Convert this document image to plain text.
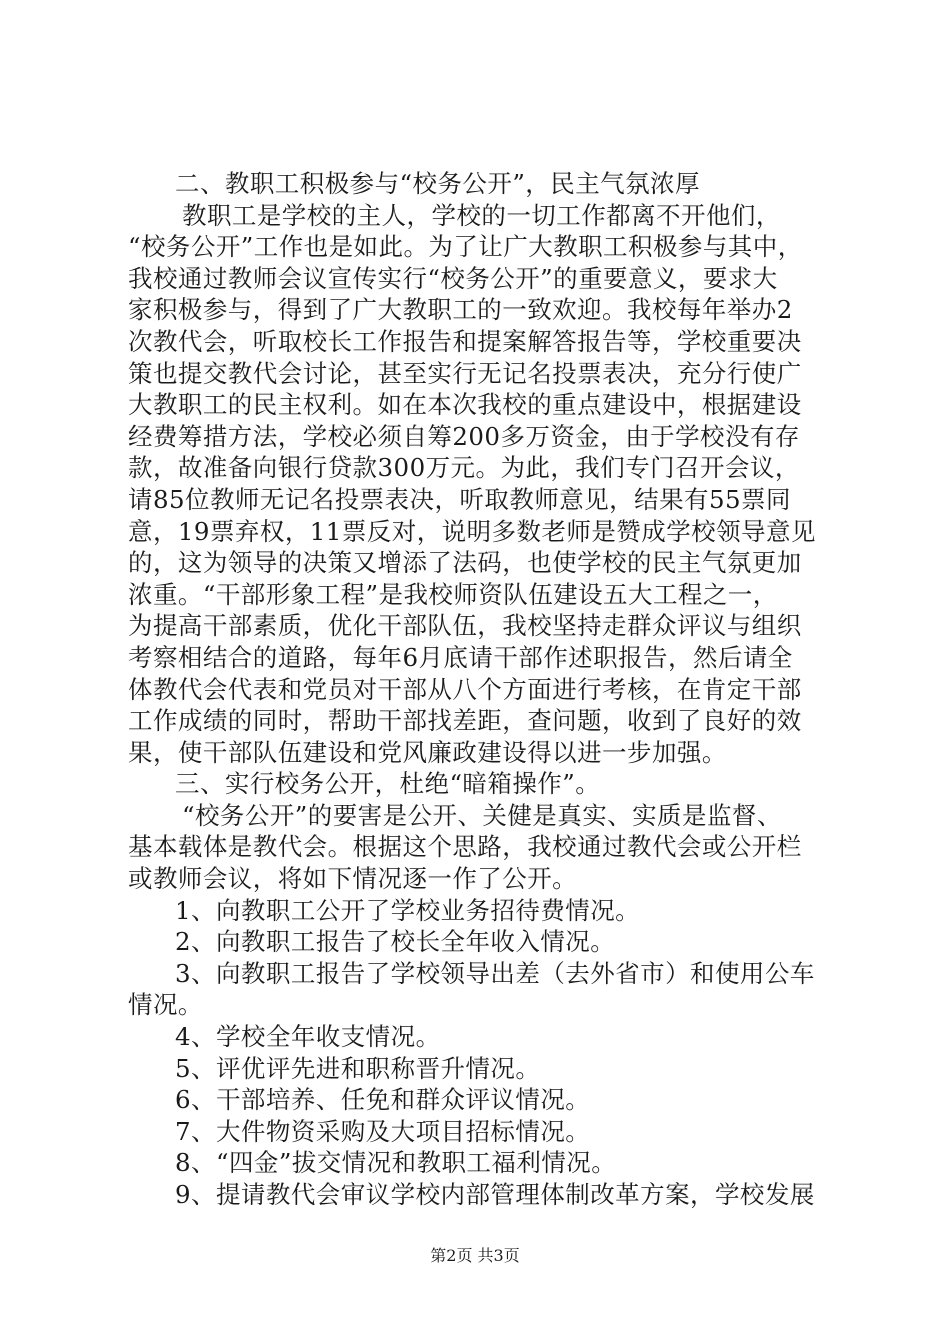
二、教职工积极参与“校务公开”，民主气氛浓厚
教职工是学校的主人，学校的一切工作都离不开他们，
“校务公开”工作也是如此。为了让广大教职工积极参与其中，
我校通过教师会议宣传实行“校务公开”的重要意义，要求大
家积极参与，得到了广大教职工的一致欢迎。我校每年举办2
次教代会，听取校长工作报告和提案解答报告等，学校重要决
策也提交教代会讨论，甚至实行无记名投票表决，充分行使广
大教职工的民主权利。如在本次我校的重点建设中，根据建设
经费筹措方法，学校必须自筹200多万资金，由于学校没有存
款，故准备向银行贷款300万元。为此，我们专门召开会议，
请85位教师无记名投票表决，听取教师意见，结果有55票同
意，19票弃权，11票反对，说明多数老师是赞成学校领导意见
的，这为领导的决策又增添了法码，也使学校的民主气氛更加
浓重。“干部形象工程”是我校师资队伍建设五大工程之一，
为提高干部素质，优化干部队伍，我校坚持走群众评议与组织
考察相结合的道路，每年6月底请干部作述职报告，然后请全
体教代会代表和党员对干部从八个方面进行考核，在肯定干部
工作成绩的同时，帮助干部找差距，查问题，收到了良好的效
果，使干部队伍建设和党风廉政建设得以进一步加强。
三、实行校务公开，杜绝“暗箱操作”。
“校务公开”的要害是公开、关健是真实、实质是监督、
基本载体是教代会。根据这个思路，我校通过教代会或公开栏
或教师会议，将如下情况逐一作了公开。
1、向教职工公开了学校业务招待费情况。
2、向教职工报告了校长全年收入情况。
3、向教职工报告了学校领导出差（去外省市）和使用公车
情况。
4、学校全年收支情况。
5、评优评先进和职称晋升情况。
6、干部培养、任免和群众评议情况。
7、大件物资采购及大项目招标情况。
8、“四金”拔交情况和教职工福利情况。
9、提请教代会审议学校内部管理体制改革方案，学校发展
第2页 共3页
